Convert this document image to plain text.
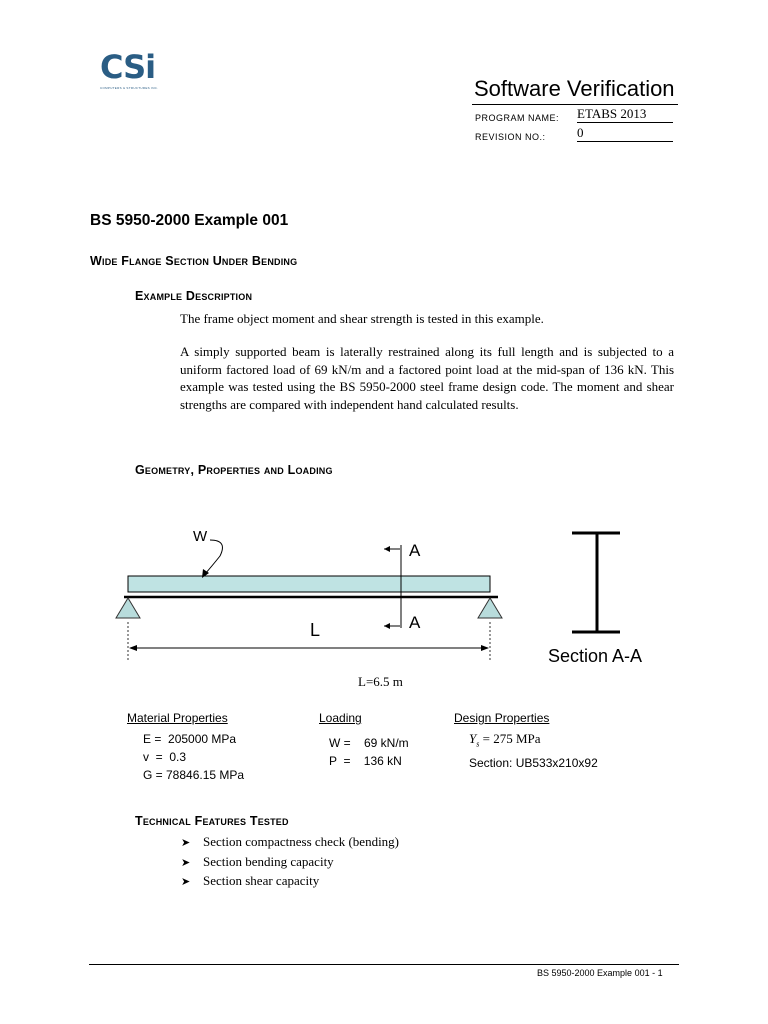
CSi
COMPUTERS & STRUCTURES INC.	Software Verification
PROGRAM NAME: ETABS 2013
REVISION NO.: 0
BS 5950-2000 Example 001
Wide Flange Section Under Bending
Example Description
The frame object moment and shear strength is tested in this example.
A simply supported beam is laterally restrained along its full length and is subjected to a uniform factored load of 69 kN/m and a factored point load at the mid-span of 136 kN. This example was tested using the BS 5950-2000 steel frame design code. The moment and shear strengths are compared with independent hand calculated results.
Geometry, Properties and Loading
W
A
A
L
Section A-A
L=6.5 m
Material Properties
E =  205000 MPa
v  =  0.3
G = 78846.15 MPa
Loading
W =    69 kN/m
P  =    136 kN
Design Properties
$Y_s = 275$ MPa
Section: UB533x210x92
Technical Features Tested
➤ Section compactness check (bending)
➤ Section bending capacity
➤ Section shear capacity
BS 5950-2000 Example 001 - 1
